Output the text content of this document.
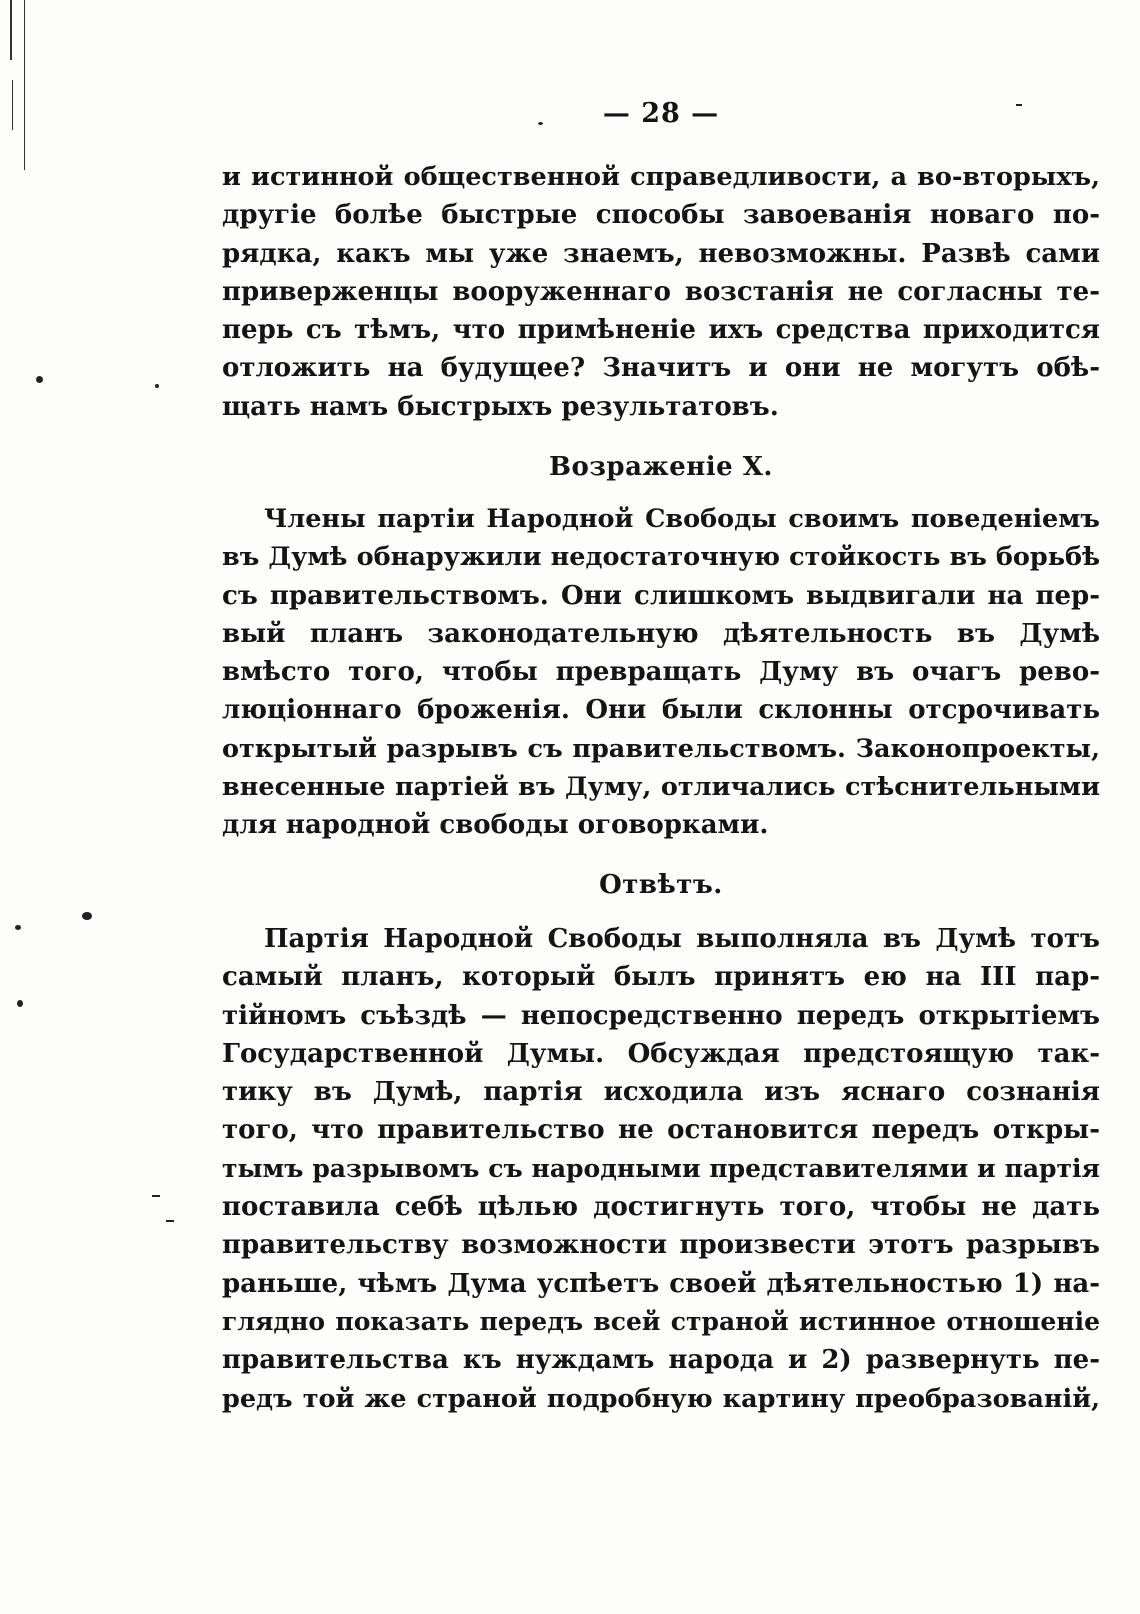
— 28 —
и истинной общественной справедливости, а во-вторыхъ,
другіе болѣе быстрые способы завоеванія новаго по-
рядка, какъ мы уже знаемъ, невозможны. Развѣ сами
приверженцы вооруженнаго возстанія не согласны те-
перь съ тѣмъ, что примѣненіе ихъ средства приходится
отложить на будущее? Значитъ и они не могутъ обѣ-
щать намъ быстрыхъ результатовъ.
Возраженіе X.
Члены партіи Народной Свободы своимъ поведеніемъ
въ Думѣ обнаружили недостаточную стойкость въ борьбѣ
съ правительствомъ. Они слишкомъ выдвигали на пер-
вый планъ законодательную дѣятельность въ Думѣ
вмѣсто того, чтобы превращать Думу въ очагъ рево-
люціоннаго броженія. Они были склонны отсрочивать
открытый разрывъ съ правительствомъ. Законопроекты,
внесенные партіей въ Думу, отличались стѣснительными
для народной свободы оговорками.
Отвѣтъ.
Партія Народной Свободы выполняла въ Думѣ тотъ
самый планъ, который былъ принятъ ею на III пар-
тійномъ съѣздѣ — непосредственно передъ открытіемъ
Государственной Думы. Обсуждая предстоящую так-
тику въ Думѣ, партія исходила изъ яснаго сознанія
того, что правительство не остановится передъ откры-
тымъ разрывомъ съ народными представителями и партія
поставила себѣ цѣлью достигнуть того, чтобы не дать
правительству возможности произвести этотъ разрывъ
раньше, чѣмъ Дума успѣетъ своей дѣятельностью 1) на-
глядно показать передъ всей страной истинное отношеніе
правительства къ нуждамъ народа и 2) развернуть пе-
редъ той же страной подробную картину преобразованій,
